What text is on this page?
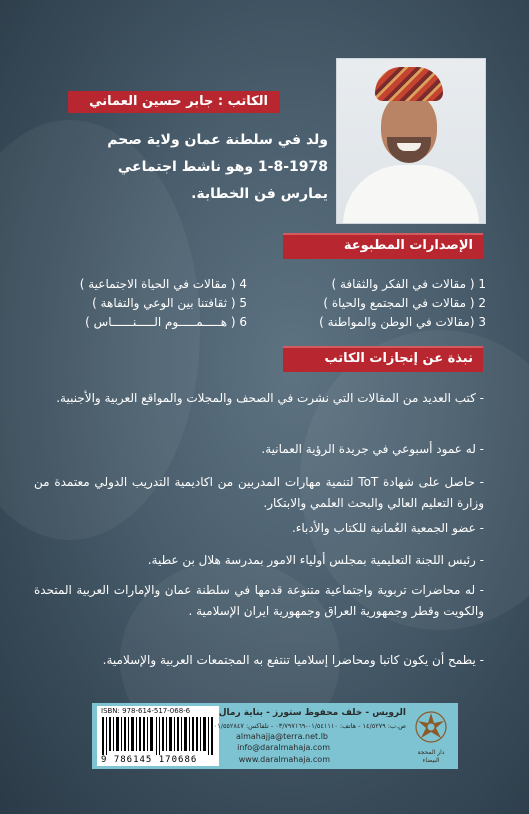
الكاتب : جابر حسين العماني

ولد في سلطنة عمان ولاية صحم
1-8-1978 وهو ناشط اجتماعي
يمارس فن الخطابة.

الإصدارات المطبوعة

1 ( مقالات في الفكر والثقافة )

2 ( مقالات في المجتمع والحياة )

3 (مقالات في الوطن والمواطنة )

4 ( مقالات في الحياة الاجتماعية )

5 ( ثقافتنا بين الوعي والتفاهة )

6 ( هـــــمـــــوم الـــــنــــــاس )

نبذة عن إنجازات الكاتب

- كتب العديد من المقالات التي نشرت في الصحف والمجلات والمواقع العربية والأجنبية.

- له عمود أسبوعي في جريدة الرؤية العمانية.

- حاصل على شهادة ToT لتنمية مهارات المدربين من اكاديمية التدريب الدولي معتمدة من وزارة التعليم العالي والبحث العلمي والابتكار.

- عضو الجمعية العُمانية للكتاب والأدباء.

- رئيس اللجنة التعليمية بمجلس أولياء الامور بمدرسة هلال بن عطية.

- له محاضرات تربوية واجتماعية متنوعة قدمها في سلطنة عمان والإمارات العربية المتحدة والكويت وقطر وجمهورية العراق وجمهورية ايران الإسلامية .

- يطمح أن يكون كاتبا ومحاضرا إسلاميا تنتفع به المجتمعات العربية والإسلامية.

ISBN: 978-614-517-068-6
9 786145 170686

الرويس - خلف محفوظ ستورز - بناية رمال

ص.ب: ١٤/٥٢٧٩ - هاتف: ٠١/٥٤١١١٠-٠٣/٧٩٧١٦٩ - تلفاكس: ٠١/٥٥٢٨٤٧

almahajja@terra.net.lb

info@daralmahaja.com

www.daralmahaja.com

دار المحجة البيضاء
